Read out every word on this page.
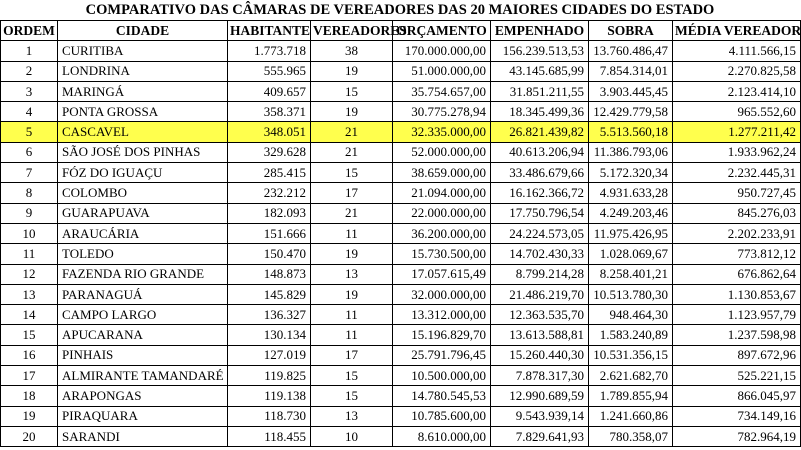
COMPARATIVO DAS CÂMARAS DE VEREADORES DAS 20 MAIORES CIDADES DO ESTADO
ORDEM	CIDADE	HABITANTE	VEREADORES	ORÇAMENTO	EMPENHADO	SOBRA	MÉDIA VEREADOR
1	CURITIBA	1.773.718	38	170.000.000,00	156.239.513,53	13.760.486,47	4.111.566,15
2	LONDRINA	555.965	19	51.000.000,00	43.145.685,99	7.854.314,01	2.270.825,58
3	MARINGÁ	409.657	15	35.754.657,00	31.851.211,55	3.903.445,45	2.123.414,10
4	PONTA GROSSA	358.371	19	30.775.278,94	18.345.499,36	12.429.779,58	965.552,60
5	CASCAVEL	348.051	21	32.335.000,00	26.821.439,82	5.513.560,18	1.277.211,42
6	SÃO JOSÉ DOS PINHAS	329.628	21	52.000.000,00	40.613.206,94	11.386.793,06	1.933.962,24
7	FÓZ DO IGUAÇU	285.415	15	38.659.000,00	33.486.679,66	5.172.320,34	2.232.445,31
8	COLOMBO	232.212	17	21.094.000,00	16.162.366,72	4.931.633,28	950.727,45
9	GUARAPUAVA	182.093	21	22.000.000,00	17.750.796,54	4.249.203,46	845.276,03
10	ARAUCÁRIA	151.666	11	36.200.000,00	24.224.573,05	11.975.426,95	2.202.233,91
11	TOLEDO	150.470	19	15.730.500,00	14.702.430,33	1.028.069,67	773.812,12
12	FAZENDA RIO GRANDE	148.873	13	17.057.615,49	8.799.214,28	8.258.401,21	676.862,64
13	PARANAGUÁ	145.829	19	32.000.000,00	21.486.219,70	10.513.780,30	1.130.853,67
14	CAMPO LARGO	136.327	11	13.312.000,00	12.363.535,70	948.464,30	1.123.957,79
15	APUCARANA	130.134	11	15.196.829,70	13.613.588,81	1.583.240,89	1.237.598,98
16	PINHAIS	127.019	17	25.791.796,45	15.260.440,30	10.531.356,15	897.672,96
17	ALMIRANTE TAMANDARÉ	119.825	15	10.500.000,00	7.878.317,30	2.621.682,70	525.221,15
18	ARAPONGAS	119.138	15	14.780.545,53	12.990.689,59	1.789.855,94	866.045,97
19	PIRAQUARA	118.730	13	10.785.600,00	9.543.939,14	1.241.660,86	734.149,16
20	SARANDI	118.455	10	8.610.000,00	7.829.641,93	780.358,07	782.964,19
